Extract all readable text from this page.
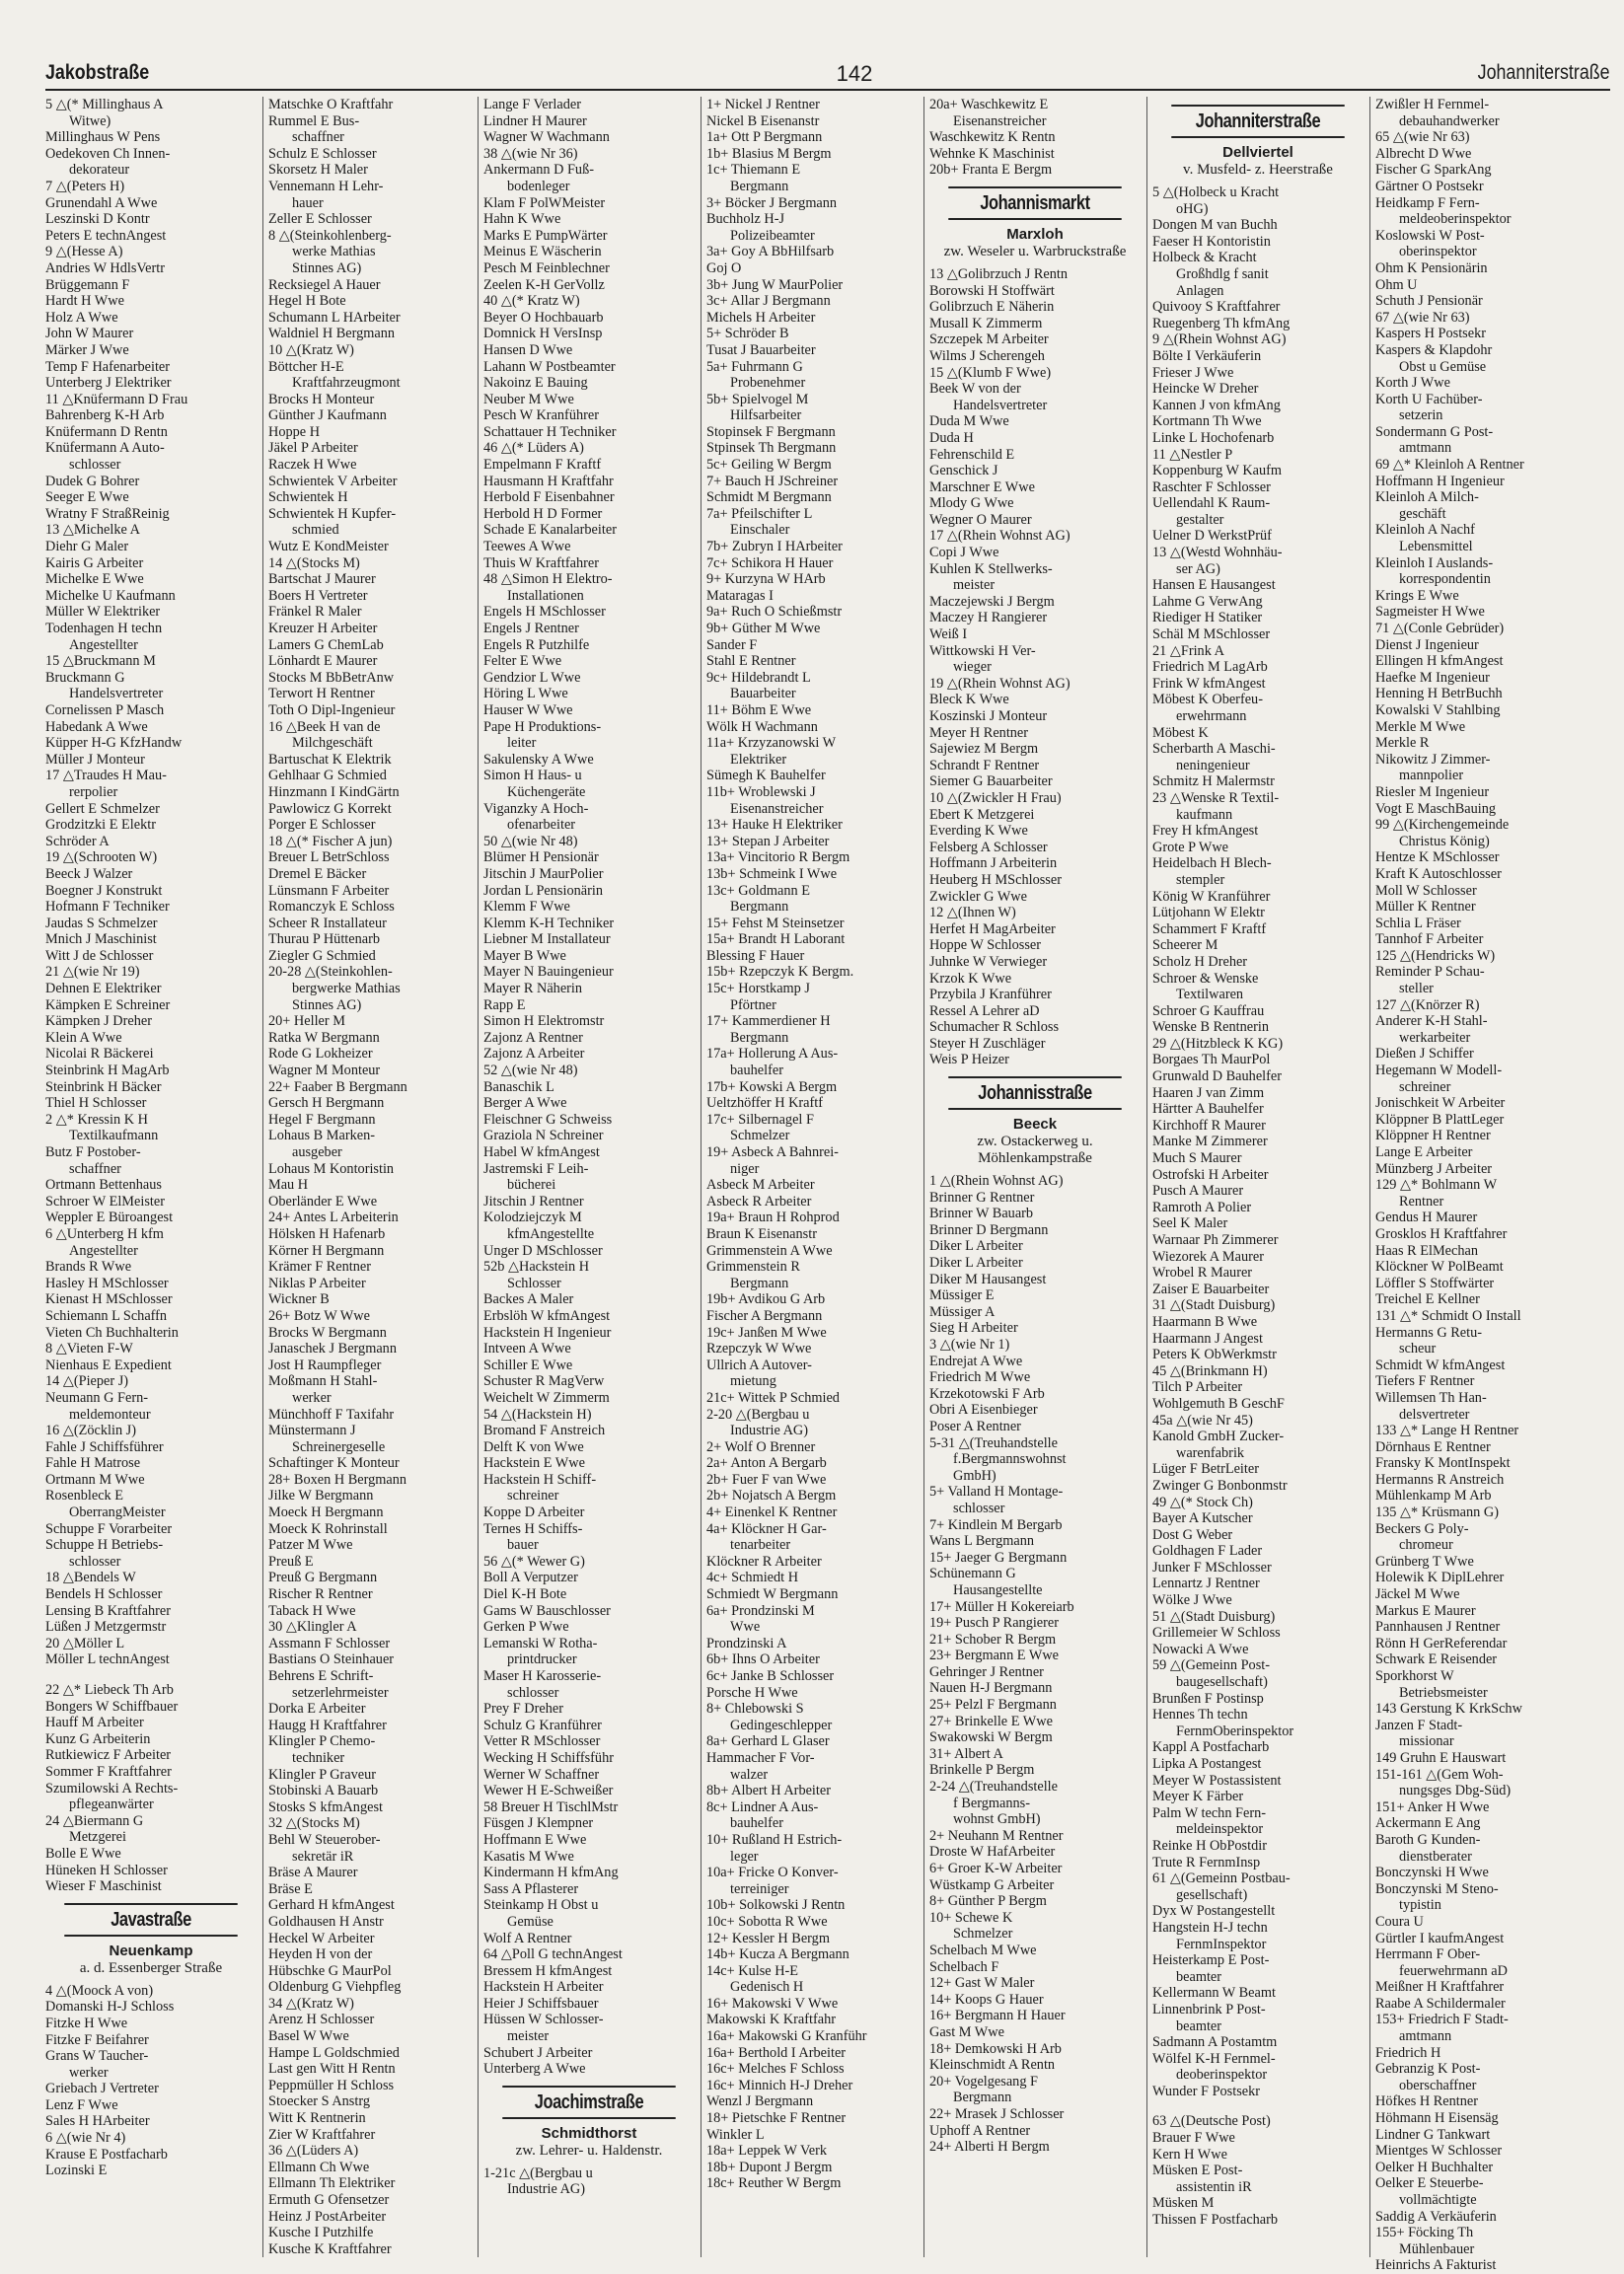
Jakobstraße	142	Johanniterstraße
5 △(* Millinghaus A
Witwe)
Millinghaus W Pens
Oedekoven Ch Innen-
dekorateur
7 △(Peters H)
Grunendahl A Wwe
Leszinski D Kontr
Peters E technAngest
9 △(Hesse A)
Andries W HdlsVertr
Brüggemann F
Hardt H Wwe
Holz A Wwe
John W Maurer
Märker J Wwe
Temp F Hafenarbeiter
Unterberg J Elektriker
11 △Knüfermann D Frau
Bahrenberg K-H Arb
Knüfermann D Rentn
Knüfermann A Auto-
schlosser
Dudek G Bohrer
Seeger E Wwe
Wratny F StraßReinig
13 △Michelke A
Diehr G Maler
Kairis G Arbeiter
Michelke E Wwe
Michelke U Kaufmann
Müller W Elektriker
Todenhagen H techn
Angestellter
15 △Bruckmann M
Bruckmann G
Handelsvertreter
Cornelissen P Masch
Habedank A Wwe
Küpper H-G KfzHandw
Müller J Monteur
17 △Traudes H Mau-
rerpolier
Gellert E Schmelzer
Grodzitzki E Elektr
Schröder A
19 △(Schrooten W)
Beeck J Walzer
Boegner J Konstrukt
Hofmann F Techniker
Jaudas S Schmelzer
Mnich J Maschinist
Witt J de Schlosser
21 △(wie Nr 19)
Dehnen E Elektriker
Kämpken E Schreiner
Kämpken J Dreher
Klein A Wwe
Nicolai R Bäckerei
Steinbrink H MagArb
Steinbrink H Bäcker
Thiel H Schlosser
2 △* Kressin K H
Textilkaufmann
Butz F Postober-
schaffner
Ortmann Bettenhaus
Schroer W ElMeister
Weppler E Büroangest
6 △Unterberg H kfm
Angestellter
Brands R Wwe
Hasley H MSchlosser
Kienast H MSchlosser
Schiemann L Schaffn
Vieten Ch Buchhalterin
8 △Vieten F-W
Nienhaus E Expedient
14 △(Pieper J)
Neumann G Fern-
meldemonteur
16 △(Zöcklin J)
Fahle J Schiffsführer
Fahle H Matrose
Ortmann M Wwe
Rosenbleck E
OberrangMeister
Schuppe F Vorarbeiter
Schuppe H Betriebs-
schlosser
18 △Bendels W
Bendels H Schlosser
Lensing B Kraftfahrer
Lüßen J Metzgermstr
20 △Möller L
Möller L technAngest
22 △* Liebeck Th Arb
Bongers W Schiffbauer
Hauff M Arbeiter
Kunz G Arbeiterin
Rutkiewicz F Arbeiter
Sommer F Kraftfahrer
Szumilowski A Rechts-
pflegeanwärter
24 △Biermann G
Metzgerei
Bolle E Wwe
Hüneken H Schlosser
Wieser F Maschinist
Javastraße
Neuenkamp
a. d. Essenberger Straße
4 △(Moock A von)
Domanski H-J Schloss
Fitzke H Wwe
Fitzke F Beifahrer
Grans W Taucher-
werker
Griebach J Vertreter
Lenz F Wwe
Sales H HArbeiter
6 △(wie Nr 4)
Krause E Postfacharb
Lozinski E
Matschke O Kraftfahr
Rummel E Bus-
schaffner
Schulz E Schlosser
Skorsetz H Maler
Vennemann H Lehr-
hauer
Zeller E Schlosser
8 △(Steinkohlenberg-
werke Mathias
Stinnes AG)
Recksiegel A Hauer
Hegel H Bote
Schumann L HArbeiter
Waldniel H Bergmann
10 △(Kratz W)
Böttcher H-E
Kraftfahrzeugmont
Brocks H Monteur
Günther J Kaufmann
Hoppe H
Jäkel P Arbeiter
Raczek H Wwe
Schwientek V Arbeiter
Schwientek H
Schwientek H Kupfer-
schmied
Wutz E KondMeister
14 △(Stocks M)
Bartschat J Maurer
Boers H Vertreter
Fränkel R Maler
Kreuzer H Arbeiter
Lamers G ChemLab
Lönhardt E Maurer
Stocks M BbBetrAnw
Terwort H Rentner
Toth O Dipl-Ingenieur
16 △Beek H van de
Milchgeschäft
Bartuschat K Elektrik
Gehlhaar G Schmied
Hinzmann I KindGärtn
Pawlowicz G Korrekt
Porger E Schlosser
18 △(* Fischer A jun)
Breuer L BetrSchloss
Dremel E Bäcker
Lünsmann F Arbeiter
Romanczyk E Schloss
Scheer R Installateur
Thurau P Hüttenarb
Ziegler G Schmied
20-28 △(Steinkohlen-
bergwerke Mathias
Stinnes AG)
20+ Heller M
Ratka W Bergmann
Rode G Lokheizer
Wagner M Monteur
22+ Faaber B Bergmann
Gersch H Bergmann
Hegel F Bergmann
Lohaus B Marken-
ausgeber
Lohaus M Kontoristin
Mau H
Oberländer E Wwe
24+ Antes L Arbeiterin
Hölsken H Hafenarb
Körner H Bergmann
Krämer F Rentner
Niklas P Arbeiter
Wickner B
26+ Botz W Wwe
Brocks W Bergmann
Janaschek J Bergmann
Jost H Raumpfleger
Moßmann H Stahl-
werker
Münchhoff F Taxifahr
Münstermann J
Schreinergeselle
Schaftinger K Monteur
28+ Boxen H Bergmann
Jilke W Bergmann
Moeck H Bergmann
Moeck K Rohrinstall
Patzer M Wwe
Preuß E
Preuß G Bergmann
Rischer R Rentner
Taback H Wwe
30 △Klingler A
Assmann F Schlosser
Bastians O Steinhauer
Behrens E Schrift-
setzerlehrmeister
Dorka E Arbeiter
Haugg H Kraftfahrer
Klingler P Chemo-
techniker
Klingler P Graveur
Stobinski A Bauarb
Stosks S kfmAngest
32 △(Stocks M)
Behl W Steuerober-
sekretär iR
Bräse A Maurer
Bräse E
Gerhard H kfmAngest
Goldhausen H Anstr
Heckel W Arbeiter
Heyden H von der
Hübschke G MaurPol
Oldenburg G Viehpfleg
34 △(Kratz W)
Arenz H Schlosser
Basel W Wwe
Hampe L Goldschmied
Last gen Witt H Rentn
Peppmüller H Schloss
Stoecker S Anstrg
Witt K Rentnerin
Zier W Kraftfahrer
36 △(Lüders A)
Ellmann Ch Wwe
Ellmann Th Elektriker
Ermuth G Ofensetzer
Heinz J PostArbeiter
Kusche I Putzhilfe
Kusche K Kraftfahrer
Lange F Verlader
Lindner H Maurer
Wagner W Wachmann
38 △(wie Nr 36)
Ankermann D Fuß-
bodenleger
Klam F PolWMeister
Hahn K Wwe
Marks E PumpWärter
Meinus E Wäscherin
Pesch M Feinblechner
Zeelen K-H GerVollz
40 △(* Kratz W)
Beyer O Hochbauarb
Domnick H VersInsp
Hansen D Wwe
Lahann W Postbeamter
Nakoinz E Bauing
Neuber M Wwe
Pesch W Kranführer
Schattauer H Techniker
46 △(* Lüders A)
Empelmann F Kraftf
Hausmann H Kraftfahr
Herbold F Eisenbahner
Herbold H D Former
Schade E Kanalarbeiter
Teewes A Wwe
Thuis W Kraftfahrer
48 △Simon H Elektro-
Installationen
Engels H MSchlosser
Engels J Rentner
Engels R Putzhilfe
Felter E Wwe
Gendzior L Wwe
Höring L Wwe
Hauser W Wwe
Pape H Produktions-
leiter
Sakulensky A Wwe
Simon H Haus- u
Küchengeräte
Viganzky A Hoch-
ofenarbeiter
50 △(wie Nr 48)
Blümer H Pensionär
Jitschin J MaurPolier
Jordan L Pensionärin
Klemm F Wwe
Klemm K-H Techniker
Liebner M Installateur
Mayer B Wwe
Mayer N Bauingenieur
Mayer R Näherin
Rapp E
Simon H Elektromstr
Zajonz A Rentner
Zajonz A Arbeiter
52 △(wie Nr 48)
Banaschik L
Berger A Wwe
Fleischner G Schweiss
Graziola N Schreiner
Habel W kfmAngest
Jastremski F Leih-
bücherei
Jitschin J Rentner
Kolodziejczyk M
kfmAngestellte
Unger D MSchlosser
52b △Hackstein H
Schlosser
Backes A Maler
Erbslöh W kfmAngest
Hackstein H Ingenieur
Intveen A Wwe
Schiller E Wwe
Schuster R MagVerw
Weichelt W Zimmerm
54 △(Hackstein H)
Bromand F Anstreich
Delft K von Wwe
Hackstein E Wwe
Hackstein H Schiff-
schreiner
Koppe D Arbeiter
Ternes H Schiffs-
bauer
56 △(* Wewer G)
Boll A Verputzer
Diel K-H Bote
Gams W Bauschlosser
Gerken P Wwe
Lemanski W Rotha-
printdrucker
Maser H Karosserie-
schlosser
Prey F Dreher
Schulz G Kranführer
Vetter R MSchlosser
Wecking H Schiffsführ
Werner W Schaffner
Wewer H E-Schweißer
58 Breuer H TischlMstr
Füsgen J Klempner
Hoffmann E Wwe
Kasatis M Wwe
Kindermann H kfmAng
Sass A Pflasterer
Steinkamp H Obst u
Gemüse
Wolf A Rentner
64 △Poll G technAngest
Bressem H kfmAngest
Hackstein H Arbeiter
Heier J Schiffsbauer
Hüssen W Schlosser-
meister
Schubert J Arbeiter
Unterberg A Wwe
Joachimstraße
Schmidthorst
zw. Lehrer- u. Haldenstr.
1-21c △(Bergbau u
Industrie AG)
1+ Nickel J Rentner
Nickel B Eisenanstr
1a+ Ott P Bergmann
1b+ Blasius M Bergm
1c+ Thiemann E
Bergmann
3+ Böcker J Bergmann
Buchholz H-J
Polizeibeamter
3a+ Goy A BbHilfsarb
Goj O
3b+ Jung W MaurPolier
3c+ Allar J Bergmann
Michels H Arbeiter
5+ Schröder B
Tusat J Bauarbeiter
5a+ Fuhrmann G
Probenehmer
5b+ Spielvogel M
Hilfsarbeiter
Stopinsek F Bergmann
Stpinsek Th Bergmann
5c+ Geiling W Bergm
7+ Bauch H JSchreiner
Schmidt M Bergmann
7a+ Pfeilschifter L
Einschaler
7b+ Zubryn I HArbeiter
7c+ Schikora H Hauer
9+ Kurzyna W HArb
Mataragas I
9a+ Ruch O Schießmstr
9b+ Güther M Wwe
Sander F
Stahl E Rentner
9c+ Hildebrandt L
Bauarbeiter
11+ Böhm E Wwe
Wölk H Wachmann
11a+ Krzyzanowski W
Elektriker
Sümegh K Bauhelfer
11b+ Wroblewski J
Eisenanstreicher
13+ Hauke H Elektriker
13+ Stepan J Arbeiter
13a+ Vincitorio R Bergm
13b+ Schmeink I Wwe
13c+ Goldmann E
Bergmann
15+ Fehst M Steinsetzer
15a+ Brandt H Laborant
Blessing F Hauer
15b+ Rzepczyk K Bergm.
15c+ Horstkamp J
Pförtner
17+ Kammerdiener H
Bergmann
17a+ Hollerung A Aus-
bauhelfer
17b+ Kowski A Bergm
Ueltzhöffer H Kraftf
17c+ Silbernagel F
Schmelzer
19+ Asbeck A Bahnrei-
niger
Asbeck M Arbeiter
Asbeck R Arbeiter
19a+ Braun H Rohprod
Braun K Eisenanstr
Grimmenstein A Wwe
Grimmenstein R
Bergmann
19b+ Avdikou G Arb
Fischer A Bergmann
19c+ Janßen M Wwe
Rzepczyk W Wwe
Ullrich A Autover-
mietung
21c+ Wittek P Schmied
2-20 △(Bergbau u
Industrie AG)
2+ Wolf O Brenner
2a+ Anton A Bergarb
2b+ Fuer F van Wwe
2b+ Nojatsch A Bergm
4+ Einenkel K Rentner
4a+ Klöckner H Gar-
tenarbeiter
Klöckner R Arbeiter
4c+ Schmiedt H
Schmiedt W Bergmann
6a+ Prondzinski M
Wwe
Prondzinski A
6b+ Ihns O Arbeiter
6c+ Janke B Schlosser
Porsche H Wwe
8+ Chlebowski S
Gedingeschlepper
8a+ Gerhard L Glaser
Hammacher F Vor-
walzer
8b+ Albert H Arbeiter
8c+ Lindner A Aus-
bauhelfer
10+ Rußland H Estrich-
leger
10a+ Fricke O Konver-
terreiniger
10b+ Solkowski J Rentn
10c+ Sobotta R Wwe
12+ Kessler H Bergm
14b+ Kucza A Bergmann
14c+ Kulse H-E
Gedenisch H
16+ Makowski V Wwe
Makowski K Kraftfahr
16a+ Makowski G Kranführ
16a+ Berthold I Arbeiter
16c+ Melches F Schloss
16c+ Minnich H-J Dreher
Wenzl J Bergmann
18+ Pietschke F Rentner
Winkler L
18a+ Leppek W Verk
18b+ Dupont J Bergm
18c+ Reuther W Bergm
20a+ Waschkewitz E
Eisenanstreicher
Waschkewitz K Rentn
Wehnke K Maschinist
20b+ Franta E Bergm
Johannismarkt
Marxloh
zw. Weseler u. Warbruckstraße
13 △Golibrzuch J Rentn
Borowski H Stoffwärt
Golibrzuch E Näherin
Musall K Zimmerm
Szczepek M Arbeiter
Wilms J Scherengeh
15 △(Klumb F Wwe)
Beek W von der
Handelsvertreter
Duda M Wwe
Duda H
Fehrenschild E
Genschick J
Marschner E Wwe
Mlody G Wwe
Wegner O Maurer
17 △(Rhein Wohnst AG)
Copi J Wwe
Kuhlen K Stellwerks-
meister
Maczejewski J Bergm
Maczey H Rangierer
Weiß I
Wittkowski H Ver-
wieger
19 △(Rhein Wohnst AG)
Bleck K Wwe
Koszinski J Monteur
Meyer H Rentner
Sajewiez M Bergm
Schrandt F Rentner
Siemer G Bauarbeiter
10 △(Zwickler H Frau)
Ebert K Metzgerei
Everding K Wwe
Felsberg A Schlosser
Hoffmann J Arbeiterin
Heuberg H MSchlosser
Zwickler G Wwe
12 △(Ihnen W)
Herfet H MagArbeiter
Hoppe W Schlosser
Juhnke W Verwieger
Krzok K Wwe
Przybila J Kranführer
Ressel A Lehrer aD
Schumacher R Schloss
Steyer H Zuschläger
Weis P Heizer
Johannisstraße
Beeck
zw. Ostackerweg u. Möhlenkampstraße
1 △(Rhein Wohnst AG)
Brinner G Rentner
Brinner W Bauarb
Brinner D Bergmann
Diker L Arbeiter
Diker L Arbeiter
Diker M Hausangest
Müssiger E
Müssiger A
Sieg H Arbeiter
3 △(wie Nr 1)
Endrejat A Wwe
Friedrich M Wwe
Krzekotowski F Arb
Obri A Eisenbieger
Poser A Rentner
5-31 △(Treuhandstelle
f.Bergmannswohnst
GmbH)
5+ Valland H Montage-
schlosser
7+ Kindlein M Bergarb
Wans L Bergmann
15+ Jaeger G Bergmann
Schünemann G
Hausangestellte
17+ Müller H Kokereiarb
19+ Pusch P Rangierer
21+ Schober R Bergm
23+ Bergmann E Wwe
Gehringer J Rentner
Nauen H-J Bergmann
25+ Pelzl F Bergmann
27+ Brinkelle E Wwe
Swakowski W Bergm
31+ Albert A
Brinkelle P Bergm
2-24 △(Treuhandstelle
f Bergmanns-
wohnst GmbH)
2+ Neuhann M Rentner
Droste W HafArbeiter
6+ Groer K-W Arbeiter
Wüstkamp G Arbeiter
8+ Günther P Bergm
10+ Schewe K
Schmelzer
Schelbach M Wwe
Schelbach F
12+ Gast W Maler
14+ Koops G Hauer
16+ Bergmann H Hauer
Gast M Wwe
18+ Demkowski H Arb
Kleinschmidt A Rentn
20+ Vogelgesang F
Bergmann
22+ Mrasek J Schlosser
Uphoff A Rentner
24+ Alberti H Bergm
Johanniterstraße
Dellviertel
v. Musfeld- z. Heerstraße
5 △(Holbeck u Kracht
oHG)
Dongen M van Buchh
Faeser H Kontoristin
Holbeck & Kracht
Großhdlg f sanit
Anlagen
Quivooy S Kraftfahrer
Ruegenberg Th kfmAng
9 △(Rhein Wohnst AG)
Bölte I Verkäuferin
Frieser J Wwe
Heincke W Dreher
Kannen J von kfmAng
Kortmann Th Wwe
Linke L Hochofenarb
11 △Nestler P
Koppenburg W Kaufm
Raschter F Schlosser
Uellendahl K Raum-
gestalter
Uelner D WerkstPrüf
13 △(Westd Wohnhäu-
ser AG)
Hansen E Hausangest
Lahme G VerwAng
Riediger H Statiker
Schäl M MSchlosser
21 △Frink A
Friedrich M LagArb
Frink W kfmAngest
Möbest K Oberfeu-
erwehrmann
Möbest K
Scherbarth A Maschi-
neningenieur
Schmitz H Malermstr
23 △Wenske R Textil-
kaufmann
Frey H kfmAngest
Grote P Wwe
Heidelbach H Blech-
stempler
König W Kranführer
Lütjohann W Elektr
Schammert F Kraftf
Scheerer M
Scholz H Dreher
Schroer & Wenske
Textilwaren
Schroer G Kauffrau
Wenske B Rentnerin
29 △(Hitzbleck K KG)
Borgaes Th MaurPol
Grunwald D Bauhelfer
Haaren J van Zimm
Härtter A Bauhelfer
Kirchhoff R Maurer
Manke M Zimmerer
Much S Maurer
Ostrofski H Arbeiter
Pusch A Maurer
Ramroth A Polier
Seel K Maler
Warnaar Ph Zimmerer
Wiezorek A Maurer
Wrobel R Maurer
Zaiser E Bauarbeiter
31 △(Stadt Duisburg)
Haarmann B Wwe
Haarmann J Angest
Peters K ObWerkmstr
45 △(Brinkmann H)
Tilch P Arbeiter
Wohlgemuth B GeschF
45a △(wie Nr 45)
Kanold GmbH Zucker-
warenfabrik
Lüger F BetrLeiter
Zwinger G Bonbonmstr
49 △(* Stock Ch)
Bayer A Kutscher
Dost G Weber
Goldhagen F Lader
Junker F MSchlosser
Lennartz J Rentner
Wölke J Wwe
51 △(Stadt Duisburg)
Grillemeier W Schloss
Nowacki A Wwe
59 △(Gemeinn Post-
baugesellschaft)
Brunßen F Postinsp
Hennes Th techn
FernmOberinspektor
Kappl A Postfacharb
Lipka A Postangest
Meyer W Postassistent
Meyer K Färber
Palm W techn Fern-
meldeinspektor
Reinke H ObPostdir
Trute R FernmInsp
61 △(Gemeinn Postbau-
gesellschaft)
Dyx W Postangestellt
Hangstein H-J techn
FernmInspektor
Heisterkamp E Post-
beamter
Kellermann W Beamt
Linnenbrink P Post-
beamter
Sadmann A Postamtm
Wölfel K-H Fernmel-
deoberinspektor
Wunder F Postsekr
63 △(Deutsche Post)
Brauer F Wwe
Kern H Wwe
Müsken E Post-
assistentin iR
Müsken M
Thissen F Postfacharb
Zwißler H Fernmel-
debauhandwerker
65 △(wie Nr 63)
Albrecht D Wwe
Fischer G SparkAng
Gärtner O Postsekr
Heidkamp F Fern-
meldeoberinspektor
Koslowski W Post-
oberinspektor
Ohm K Pensionärin
Ohm U
Schuth J Pensionär
67 △(wie Nr 63)
Kaspers H Postsekr
Kaspers & Klapdohr
Obst u Gemüse
Korth J Wwe
Korth U Fachüber-
setzerin
Sondermann G Post-
amtmann
69 △* Kleinloh A Rentner
Hoffmann H Ingenieur
Kleinloh A Milch-
geschäft
Kleinloh A Nachf
Lebensmittel
Kleinloh I Auslands-
korrespondentin
Krings E Wwe
Sagmeister H Wwe
71 △(Conle Gebrüder)
Dienst J Ingenieur
Ellingen H kfmAngest
Haefke M Ingenieur
Henning H BetrBuchh
Kowalski V Stahlbing
Merkle M Wwe
Merkle R
Nikowitz J Zimmer-
mannpolier
Riesler M Ingenieur
Vogt E MaschBauing
99 △(Kirchengemeinde
Christus König)
Hentze K MSchlosser
Kraft K Autoschlosser
Moll W Schlosser
Müller K Rentner
Schlia L Fräser
Tannhof F Arbeiter
125 △(Hendricks W)
Reminder P Schau-
steller
127 △(Knörzer R)
Anderer K-H Stahl-
werkarbeiter
Dießen J Schiffer
Hegemann W Modell-
schreiner
Jonischkeit W Arbeiter
Klöppner B PlattLeger
Klöppner H Rentner
Lange E Arbeiter
Münzberg J Arbeiter
129 △* Bohlmann W
Rentner
Gendus H Maurer
Grosklos H Kraftfahrer
Haas R ElMechan
Klöckner W PolBeamt
Löffler S Stoffwärter
Treichel E Kellner
131 △* Schmidt O Install
Hermanns G Retu-
scheur
Schmidt W kfmAngest
Tiefers F Rentner
Willemsen Th Han-
delsvertreter
133 △* Lange H Rentner
Dörnhaus E Rentner
Fransky K MontInspekt
Hermanns R Anstreich
Mühlenkamp M Arb
135 △* Krüsmann G)
Beckers G Poly-
chromeur
Grünberg T Wwe
Holewik K DiplLehrer
Jäckel M Wwe
Markus E Maurer
Pannhausen J Rentner
Rönn H GerReferendar
Schwark E Reisender
Sporkhorst W
Betriebsmeister
143 Gerstung K KrkSchw
Janzen F Stadt-
missionar
149 Gruhn E Hauswart
151-161 △(Gem Woh-
nungsges Dbg-Süd)
151+ Anker H Wwe
Ackermann E Ang
Baroth G Kunden-
dienstberater
Bonczynski H Wwe
Bonczynski M Steno-
typistin
Coura U
Gürtler I kaufmAngest
Herrmann F Ober-
feuerwehrmann aD
Meißner H Kraftfahrer
Raabe A Schildermaler
153+ Friedrich F Stadt-
amtmann
Friedrich H
Gebranzig K Post-
oberschaffner
Höfkes H Rentner
Höhmann H Eisensäg
Lindner G Tankwart
Mientges W Schlosser
Oelker H Buchhalter
Oelker E Steuerbe-
vollmächtigte
Saddig A Verkäuferin
155+ Föcking Th
Mühlenbauer
Heinrichs A Fakturist
